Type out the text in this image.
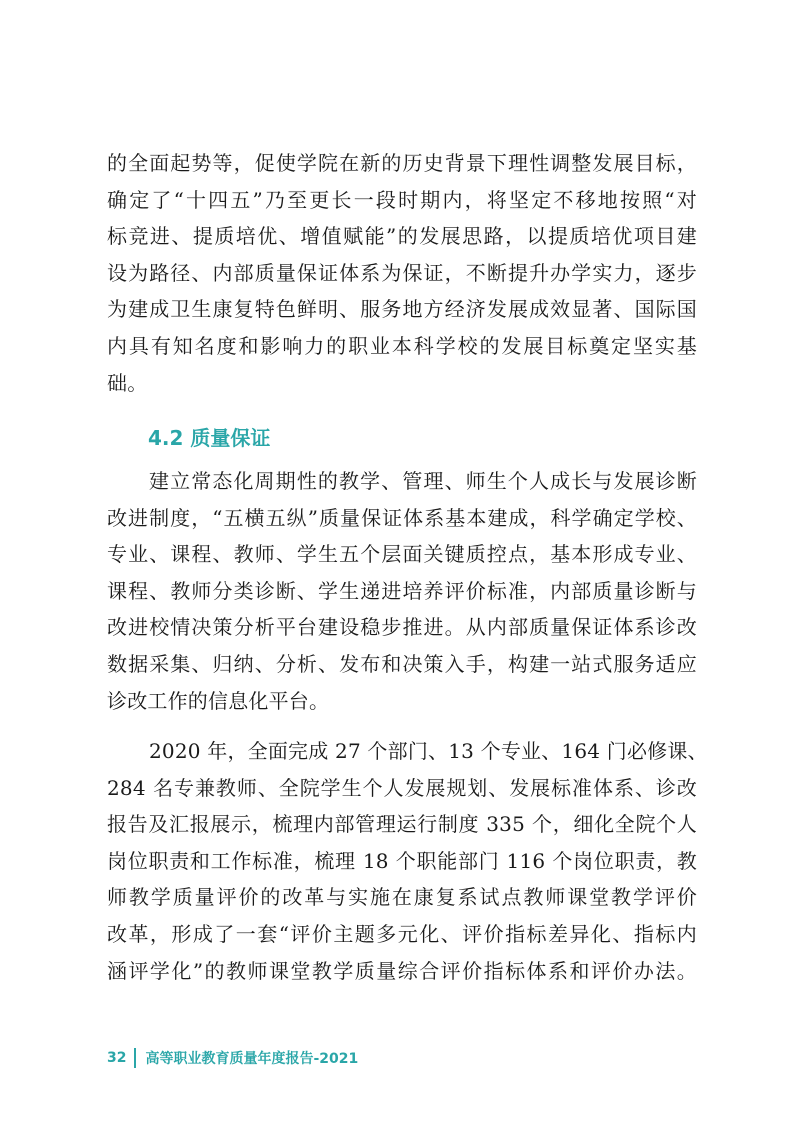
的全面起势等，促使学院在新的历史背景下理性调整发展目标，
确定了“十四五”乃至更长一段时期内，将坚定不移地按照“对
标竞进、提质培优、增值赋能”的发展思路，以提质培优项目建
设为路径、内部质量保证体系为保证，不断提升办学实力，逐步
为建成卫生康复特色鲜明、服务地方经济发展成效显著、国际国
内具有知名度和影响力的职业本科学校的发展目标奠定坚实基
础。
4.2 质量保证
建立常态化周期性的教学、管理、师生个人成长与发展诊断
改进制度，“五横五纵”质量保证体系基本建成，科学确定学校、
专业、课程、教师、学生五个层面关键质控点，基本形成专业、
课程、教师分类诊断、学生递进培养评价标准，内部质量诊断与
改进校情决策分析平台建设稳步推进。从内部质量保证体系诊改
数据采集、归纳、分析、发布和决策入手，构建一站式服务适应
诊改工作的信息化平台。
2020 年，全面完成 27 个部门、13 个专业、164 门必修课、
284 名专兼教师、全院学生个人发展规划、发展标准体系、诊改
报告及汇报展示，梳理内部管理运行制度 335 个，细化全院个人
岗位职责和工作标准，梳理 18 个职能部门 116 个岗位职责，教
师教学质量评价的改革与实施在康复系试点教师课堂教学评价
改革，形成了一套“评价主题多元化、评价指标差异化、指标内
涵评学化”的教师课堂教学质量综合评价指标体系和评价办法。
32 高等职业教育质量年度报告-2021
